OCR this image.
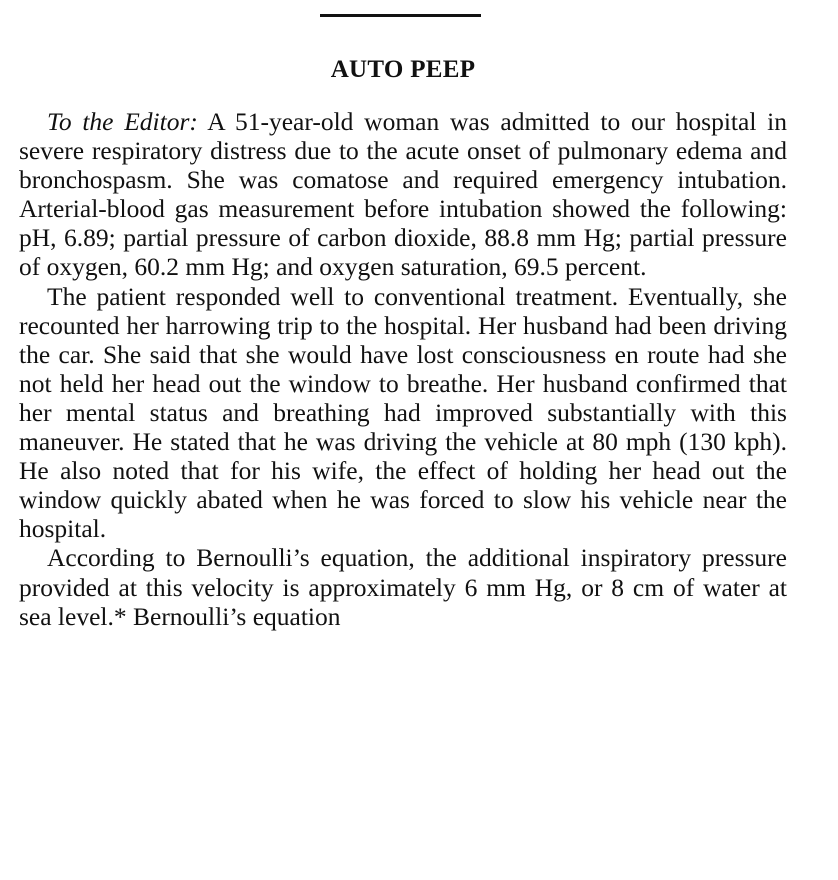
AUTO PEEP

To the Editor: A 51-year-old woman was admitted to our hospital in severe respiratory distress due to the acute onset of pulmonary edema and bronchospasm. She was comatose and required emergency intubation. Arterial-blood gas measurement before intubation showed the following: pH, 6.89; partial pressure of carbon dioxide, 88.8 mm Hg; partial pressure of oxygen, 60.2 mm Hg; and oxygen saturation, 69.5 percent.

The patient responded well to conventional treatment. Eventually, she recounted her harrowing trip to the hospital. Her husband had been driving the car. She said that she would have lost consciousness en route had she not held her head out the window to breathe. Her husband confirmed that her mental status and breathing had improved substantially with this maneuver. He stated that he was driving the vehicle at 80 mph (130 kph). He also noted that for his wife, the effect of holding her head out the window quickly abated when he was forced to slow his vehicle near the hospital.

According to Bernoulli’s equation, the additional inspiratory pressure provided at this velocity is approximately 6 mm Hg, or 8 cm of water at sea level.* Bernoulli’s equation
